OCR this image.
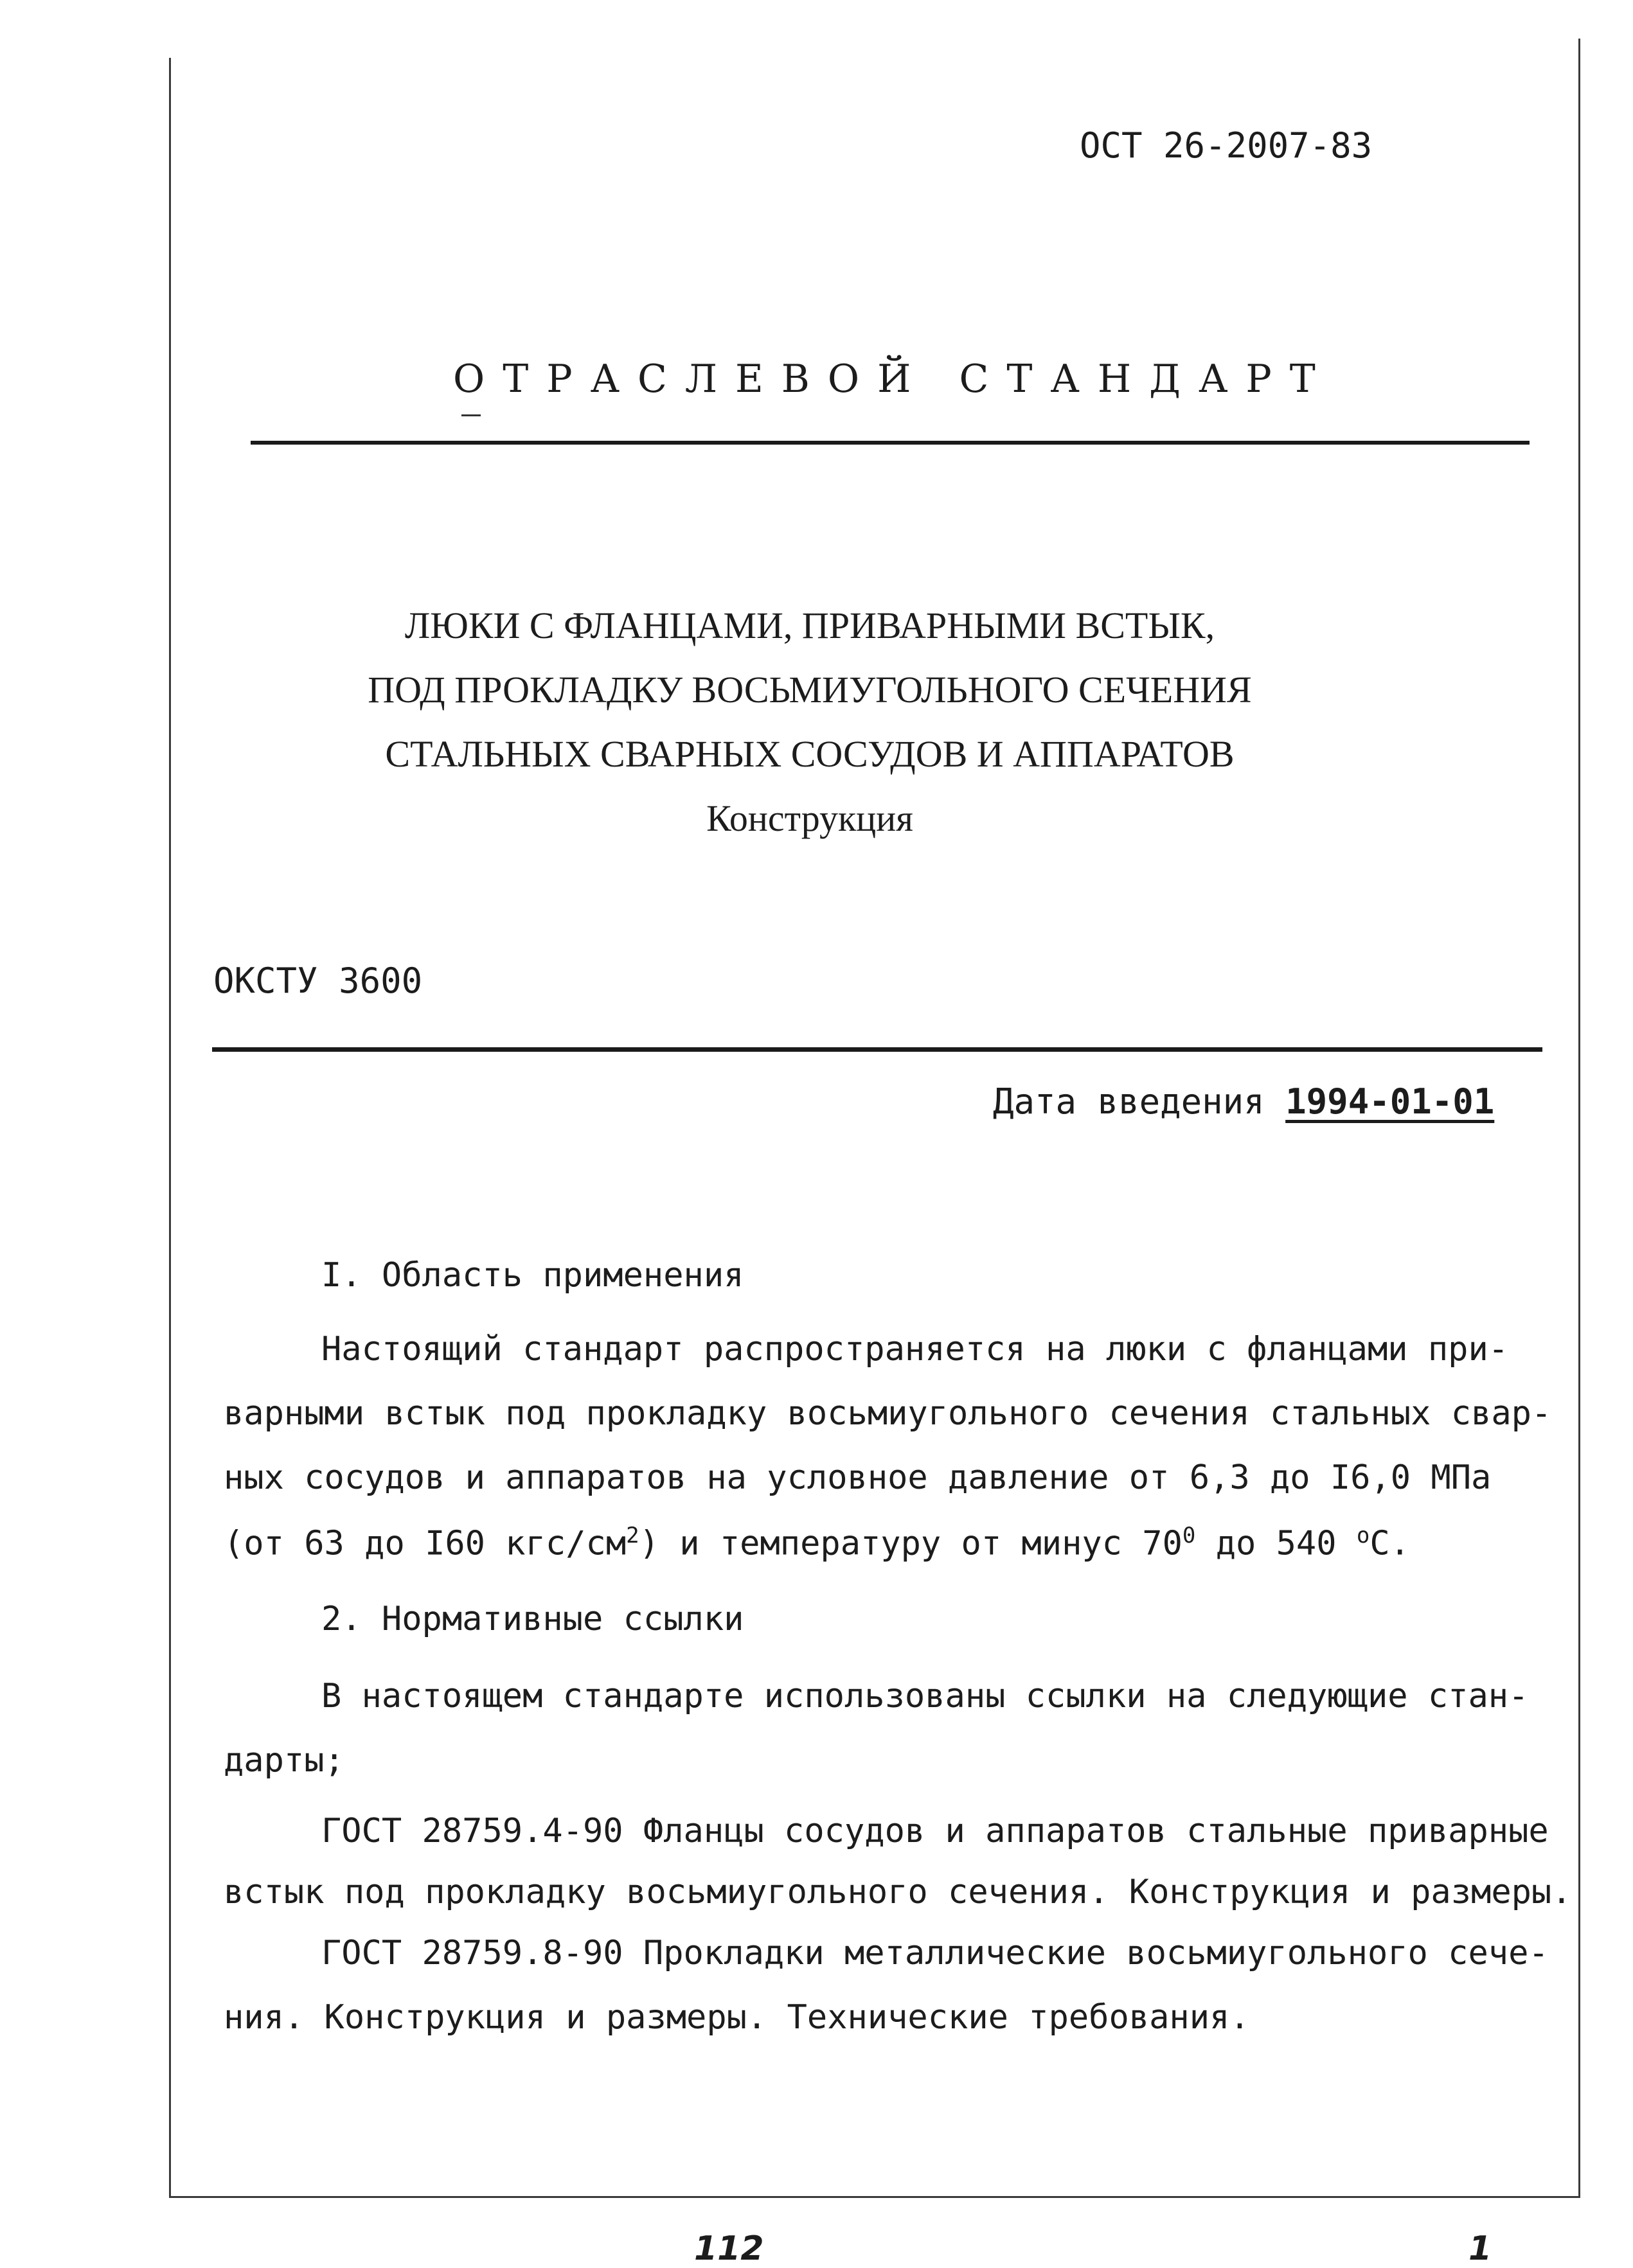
ОСТ 26-2007-83
ОТРАСЛЕВОЙ СТАНДАРТ
ЛЮКИ С ФЛАНЦАМИ, ПРИВАРНЫМИ ВСТЫК,
ПОД ПРОКЛАДКУ ВОСЬМИУГОЛЬНОГО СЕЧЕНИЯ
СТАЛЬНЫХ СВАРНЫХ СОСУДОВ И АППАРАТОВ
Конструкция
ОКСТУ 3600
Дата введения 1994-01-01
I. Область применения
Настоящий стандарт распространяется на люки с фланцами при-
варными встык под прокладку восьмиугольного сечения стальных свар-
ных сосудов и аппаратов на условное давление от 6,3 до I6,0 МПа
(от 63 до I60 кгс/$см^2$) и температуру от минус $70^0$ до 540 $^о$С.
2. Нормативные ссылки
В настоящем стандарте использованы ссылки на следующие стан-
дарты;
ГОСТ 28759.4-90 Фланцы сосудов и аппаратов стальные приварные
встык под прокладку восьмиугольного сечения. Конструкция и размеры.
ГОСТ 28759.8-90 Прокладки металлические восьмиугольного сече-
ния. Конструкция и размеры. Технические требования.
112	1
